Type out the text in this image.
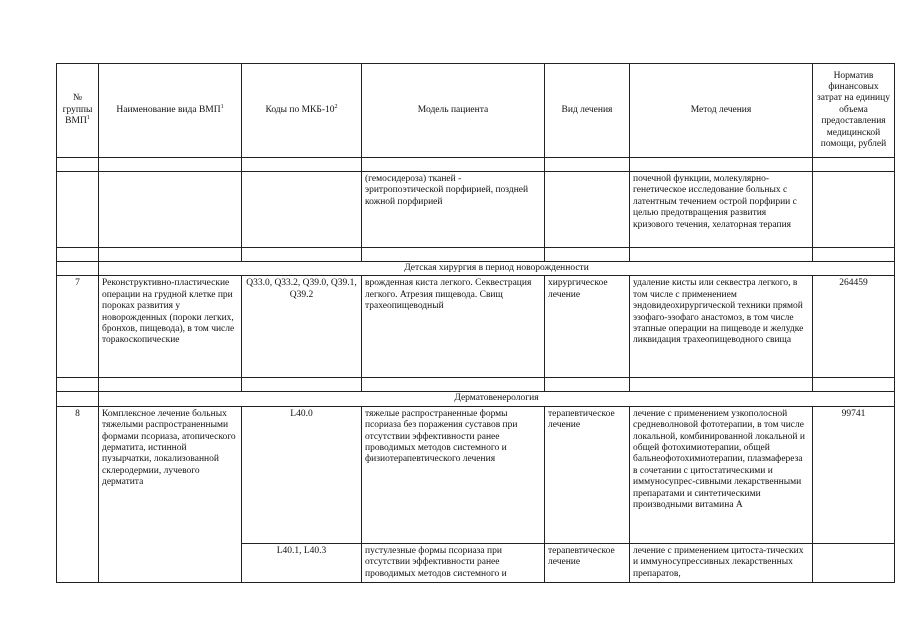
№ группы ВМП$^1$	Наименование вида ВМП$^1$	Коды по МКБ-$10^2$	Модель пациента	Вид лечения	Метод лечения	Норматив финансовых затрат на единицу объема предоставления медицинской помощи, рублей

			(гемосидероза) тканей - эритропоэтической порфирией, поздней кожной порфирией		почечной функции, молекулярно-генетическое исследование больных с латентным течением острой порфирии с целью предотвращения развития кризового течения, хелаторная терапия	

	Детская хирургия в период новорожденности					
7	Реконструктивно-пластические операции на грудной клетке при пороках развития у новорожденных (пороки легких, бронхов, пищевода), в том числе торакоскопические	Q33.0, Q33.2, Q39.0, Q39.1, Q39.2	врожденная киста легкого. Секвестрация легкого. Атрезия пищевода. Свищ трахеопищеводный	хирургическое лечение	удаление кисты или секвестра легкого, в том числе с применением эндовидеохирургической техники прямой эзофаго-эзофаго анастомоз, в том числе этапные операции на пищеводе и желудке ликвидация трахеопищеводного свища	264459

	Дерматовенерология					
8	Комплексное лечение больных тяжелыми распространенными формами псориаза, атопического дерматита, истинной пузырчатки, локализованной склеродермии, лучевого дерматита	L40.0	тяжелые распространенные формы псориаза без поражения суставов при отсутствии эффективности ранее проводимых методов системного и физиотерапевтического лечения	терапевтическое лечение	лечение с применением узкополосной средневолновой фототерапии, в том числе локальной, комбинированной локальной и общей фотохимиотерапии, общей бальнеофотохимиотерапии, плазмафереза в сочетании с цитостатическими и иммуносупрес-сивными лекарственными препаратами и синтетическими производными витамина А	99741
		L40.1, L40.3	пустулезные формы псориаза при отсутствии эффективности ранее проводимых методов системного и	терапевтическое лечение	лечение с применением цитоста-тических и иммуносупрессивных лекарственных препаратов,	
